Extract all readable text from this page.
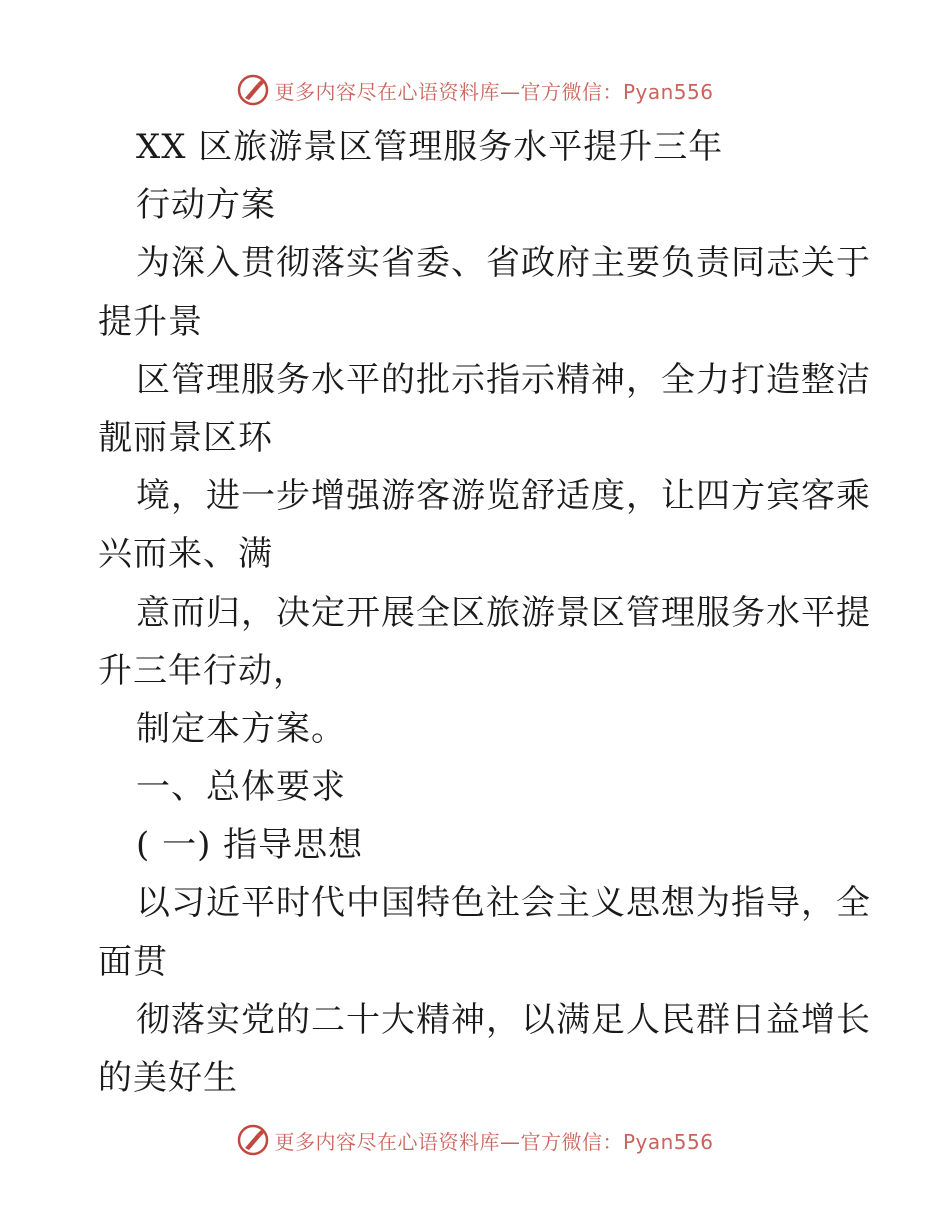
更多内容尽在心语资料库—官方微信：Pyan556
XX 区旅游景区管理服务水平提升三年
行动方案
为深入贯彻落实省委、省政府主要负责同志关于
提升景
区管理服务水平的批示指示精神，全力打造整洁
靓丽景区环
境，进一步增强游客游览舒适度，让四方宾客乘
兴而来、满
意而归，决定开展全区旅游景区管理服务水平提
升三年行动，
制定本方案。
一、总体要求
( 一) 指导思想
以习近平时代中国特色社会主义思想为指导，全
面贯
彻落实党的二十大精神，以满足人民群日益增长
的美好生
更多内容尽在心语资料库—官方微信：Pyan556
